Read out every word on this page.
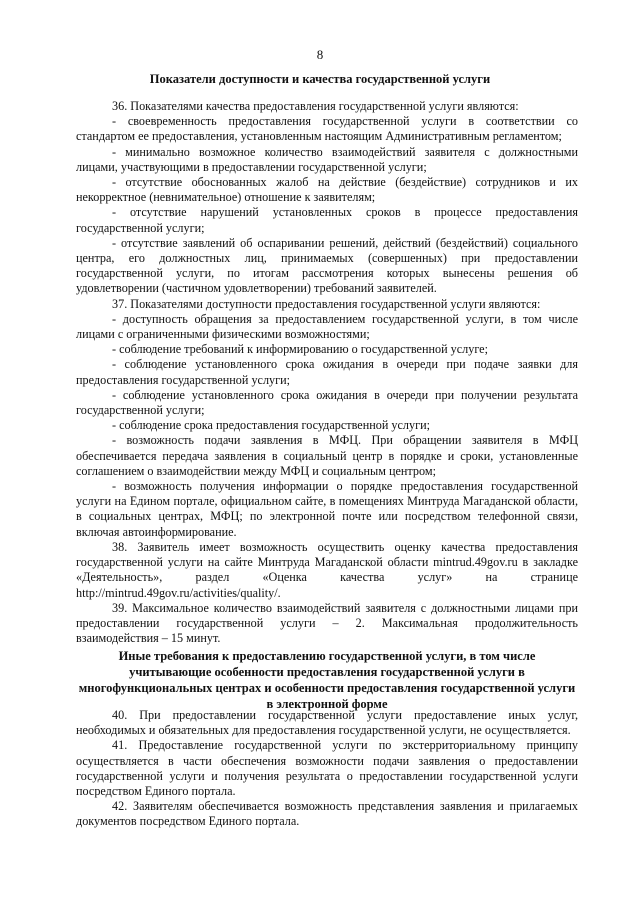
8
Показатели доступности и качества государственной услуги

36. Показателями качества предоставления государственной услуги являются:

- своевременность предоставления государственной услуги в соответствии со стандартом ее предоставления, установленным настоящим Административным регламентом;

- минимально возможное количество взаимодействий заявителя с должностными лицами, участвующими в предоставлении государственной услуги;

- отсутствие обоснованных жалоб на действие (бездействие) сотрудников и их некорректное (невнимательное) отношение к заявителям;

- отсутствие нарушений установленных сроков в процессе предоставления государственной услуги;

- отсутствие заявлений об оспаривании решений, действий (бездействий) социального центра, его должностных лиц, принимаемых (совершенных) при предоставлении государственной услуги, по итогам рассмотрения которых вынесены решения об удовлетворении (частичном удовлетворении) требований заявителей.

37. Показателями доступности предоставления государственной услуги являются:

- доступность обращения за предоставлением государственной услуги, в том числе лицами с ограниченными физическими возможностями;

- соблюдение требований к информированию о государственной услуге;

- соблюдение установленного срока ожидания в очереди при подаче заявки для предоставления государственной услуги;

- соблюдение установленного срока ожидания в очереди при получении результата государственной услуги;

- соблюдение срока предоставления государственной услуги;

- возможность подачи заявления в МФЦ. При обращении заявителя в МФЦ обеспечивается передача заявления в социальный центр в порядке и сроки, установленные соглашением о взаимодействии между МФЦ и социальным центром;

- возможность получения информации о порядке предоставления государственной услуги на Едином портале, официальном сайте, в помещениях Минтруда Магаданской области, в социальных центрах, МФЦ; по электронной почте или посредством телефонной связи, включая автоинформирование.

38. Заявитель имеет возможность осуществить оценку качества предоставления государственной услуги на сайте Минтруда Магаданской области mintrud.49gov.ru в закладке «Деятельность», раздел «Оценка качества услуг» на странице http://mintrud.49gov.ru/activities/quality/.

39. Максимальное количество взаимодействий заявителя с должностными лицами при предоставлении государственной услуги – 2. Максимальная продолжительность взаимодействия – 15 минут.

Иные требования к предоставлению государственной услуги, в том числе учитывающие особенности предоставления государственной услуги в многофункциональных центрах и особенности предоставления государственной услуги в электронной форме

40. При предоставлении государственной услуги предоставление иных услуг, необходимых и обязательных для предоставления государственной услуги, не осуществляется.

41. Предоставление государственной услуги по экстерриториальному принципу осуществляется в части обеспечения возможности подачи заявления о предоставлении государственной услуги и получения результата о предоставлении государственной услуги посредством Единого портала.

42. Заявителям обеспечивается возможность представления заявления и прилагаемых документов посредством Единого портала.
